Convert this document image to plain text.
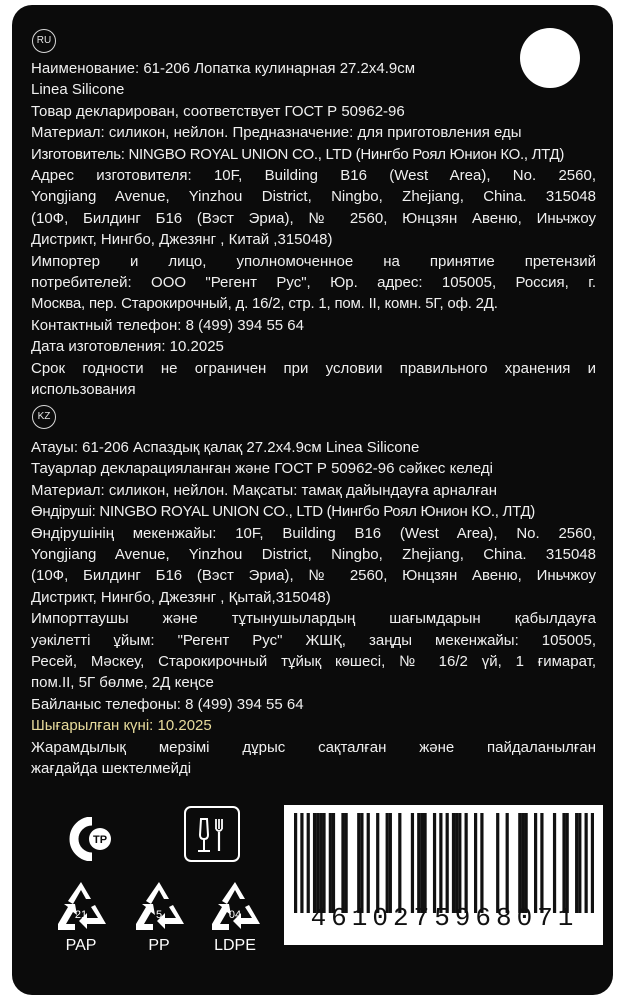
RU
Наименование: 61-206 Лопатка кулинарная 27.2x4.9см
Linea Silicone
Товар декларирован, соответствует ГОСТ Р 50962-96
Материал: силикон, нейлон. Предназначение: для приготовления еды
Изготовитель: NINGBO ROYAL UNION CO., LTD (Нингбо Роял Юнион КО., ЛТД)
Адрес изготовителя: 10F, Building B16 (West Area), No. 2560,
Yongjiang Avenue, Yinzhou District, Ningbo, Zhejiang, China. 315048
(10Ф, Билдинг Б16 (Вэст Эриа), № 2560, Юнцзян Авеню, Иньчжоу
Дистрикт, Нингбо, Джезянг , Китай ,315048)
Импортер и лицо, уполномоченное на принятие претензий
потребителей: ООО "Регент Рус", Юр. адрес: 105005, Россия, г.
Москва, пер. Старокирочный, д. 16/2, стр. 1, пом. II, комн. 5Г, оф. 2Д.
Контактный телефон: 8 (499) 394 55 64
Дата изготовления: 10.2025
Срок годности не ограничен при условии правильного хранения и
использования
KZ
Атауы: 61-206 Аспаздық қалақ 27.2x4.9см Linea Silicone
Тауарлар декларацияланған және ГОСТ Р 50962-96 сәйкес келеді
Материал: силикон, нейлон. Мақсаты: тамақ дайындауға арналған
Өндіруші: NINGBO ROYAL UNION CO., LTD (Нингбо Роял Юнион КО., ЛТД)
Өндірушінің мекенжайы: 10F, Building B16 (West Area), No. 2560,
Yongjiang Avenue, Yinzhou District, Ningbo, Zhejiang, China. 315048
(10Ф, Билдинг Б16 (Вэст Эриа), № 2560, Юнцзян Авеню, Иньчжоу
Дистрикт, Нингбо, Джезянг , Қытай,315048)
Импорттаушы және тұтынушылардың шағымдарын қабылдауға
уәкілетті ұйым: "Регент Рус" ЖШҚ, заңды мекенжайы: 105005,
Ресей, Мәскеу, Старокирочный тұйық көшесі, № 16/2 үй, 1 ғимарат,
пом.II, 5Г бөлме, 2Д кеңсе
Байланыс телефоны: 8 (499) 394 55 64
Шығарылған күні: 10.2025
Жарамдылық мерзімі дұрыс сақталған және пайдаланылған
жағдайда шектелмейді
ТР
21
PAP
5
PP
04
LDPE
4610275968071
